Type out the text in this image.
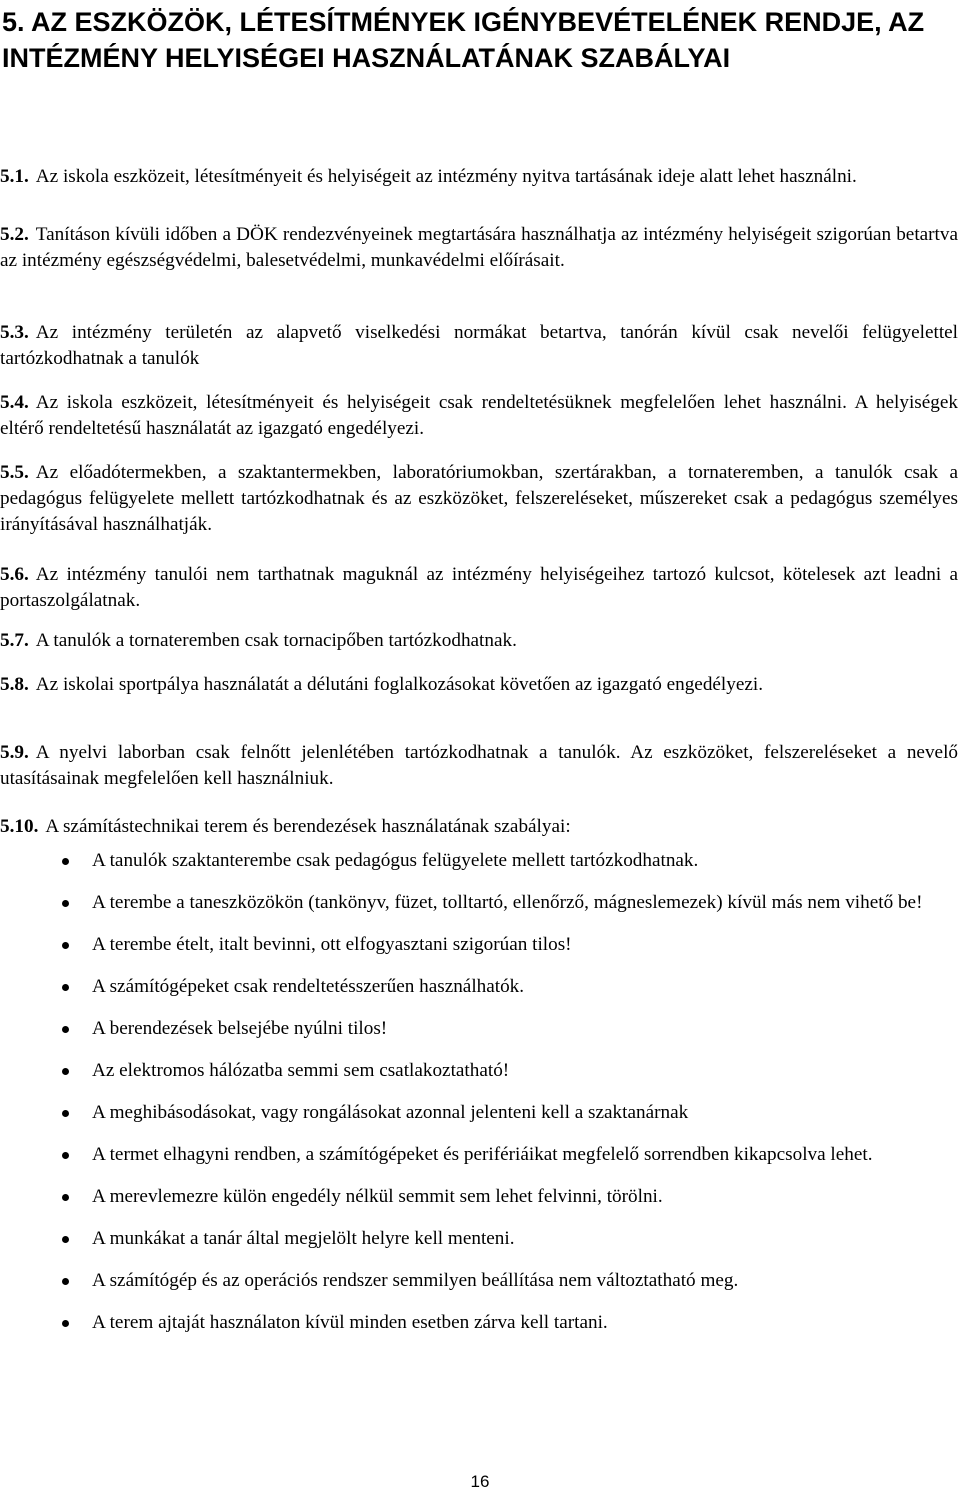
5. AZ ESZKÖZÖK, LÉTESÍTMÉNYEK IGÉNYBEVÉTELÉNEK RENDJE, AZ INTÉZMÉNY HELYISÉGEI HASZNÁLATÁNAK SZABÁLYAI

5.1. Az iskola eszközeit, létesítményeit és helyiségeit az intézmény nyitva tartásának ideje alatt lehet használni.

5.2. Tanításon kívüli időben a DÖK rendezvényeinek megtartására használhatja az intézmény helyiségeit szigorúan betartva az intézmény egészségvédelmi, balesetvédelmi, munkavédelmi előírásait.

5.3. Az intézmény területén az alapvető viselkedési normákat betartva, tanórán kívül csak nevelői felügyelettel tartózkodhatnak a tanulók

5.4. Az iskola eszközeit, létesítményeit és helyiségeit csak rendeltetésüknek megfelelően lehet használni. A helyiségek eltérő rendeltetésű használatát az igazgató engedélyezi.

5.5. Az előadótermekben, a szaktantermekben, laboratóriumokban, szertárakban, a tornateremben, a tanulók csak a pedagógus felügyelete mellett tartózkodhatnak és az eszközöket, felszereléseket, műszereket csak a pedagógus személyes irányításával használhatják.

5.6. Az intézmény tanulói nem tarthatnak maguknál az intézmény helyiségeihez tartozó kulcsot, kötelesek azt leadni a portaszolgálatnak.

5.7. A tanulók a tornateremben csak tornacipőben tartózkodhatnak.

5.8. Az iskolai sportpálya használatát a délutáni foglalkozásokat követően az igazgató engedélyezi.

5.9. A nyelvi laborban csak felnőtt jelenlétében tartózkodhatnak a tanulók. Az eszközöket, felszereléseket a nevelő utasításainak megfelelően kell használniuk.

5.10. A számítástechnikai terem és berendezések használatának szabályai:

A tanulók szaktanterembe csak pedagógus felügyelete mellett tartózkodhatnak.
A terembe a taneszközökön (tankönyv, füzet, tolltartó, ellenőrző, mágneslemezek) kívül más nem vihető be!
A terembe ételt, italt bevinni, ott elfogyasztani szigorúan tilos!
A számítógépeket csak rendeltetésszerűen használhatók.
A berendezések belsejébe nyúlni tilos!
Az elektromos hálózatba semmi sem csatlakoztatható!
A meghibásodásokat, vagy rongálásokat azonnal jelenteni kell a szaktanárnak
A termet elhagyni rendben, a számítógépeket és perifériáikat megfelelő sorrendben kikapcsolva lehet.
A merevlemezre külön engedély nélkül semmit sem lehet felvinni, törölni.
A munkákat a tanár által megjelölt helyre kell menteni.
A számítógép és az operációs rendszer semmilyen beállítása nem változtatható meg.
A terem ajtaját használaton kívül minden esetben zárva kell tartani.
16
